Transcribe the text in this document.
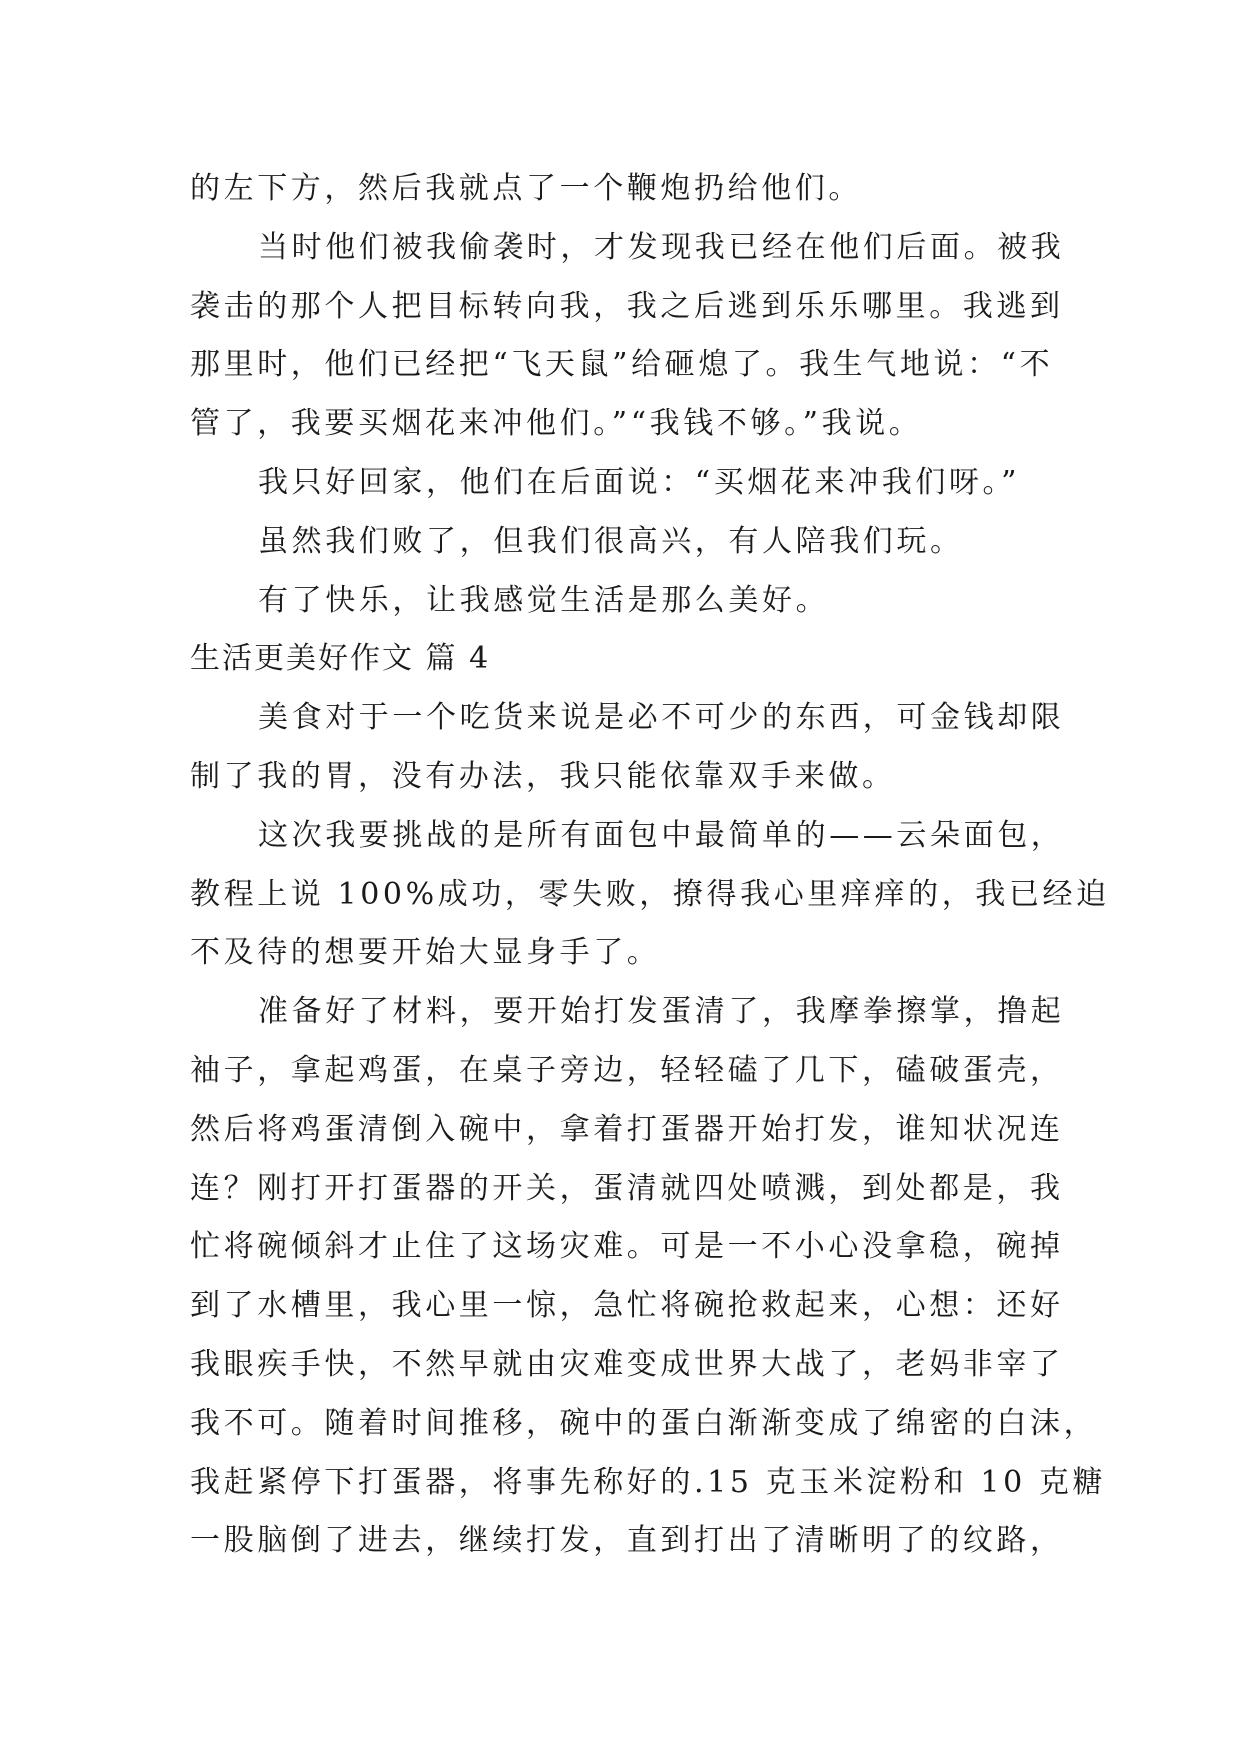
的左下方，然后我就点了一个鞭炮扔给他们。

当时他们被我偷袭时，才发现我已经在他们后面。被我

袭击的那个人把目标转向我，我之后逃到乐乐哪里。我逃到

那里时，他们已经把“飞天鼠”给砸熄了。我生气地说：“不

管了，我要买烟花来冲他们。”“我钱不够。”我说。

我只好回家，他们在后面说：“买烟花来冲我们呀。”

虽然我们败了，但我们很高兴，有人陪我们玩。

有了快乐，让我感觉生活是那么美好。

生活更美好作文 篇 4

美食对于一个吃货来说是必不可少的东西，可金钱却限

制了我的胃，没有办法，我只能依靠双手来做。

这次我要挑战的是所有面包中最简单的——云朵面包，

教程上说 100%成功，零失败，撩得我心里痒痒的，我已经迫

不及待的想要开始大显身手了。

准备好了材料，要开始打发蛋清了，我摩拳擦掌，撸起

袖子，拿起鸡蛋，在桌子旁边，轻轻磕了几下，磕破蛋壳，

然后将鸡蛋清倒入碗中，拿着打蛋器开始打发，谁知状况连

连？刚打开打蛋器的开关，蛋清就四处喷溅，到处都是，我

忙将碗倾斜才止住了这场灾难。可是一不小心没拿稳，碗掉

到了水槽里，我心里一惊，急忙将碗抢救起来，心想：还好

我眼疾手快，不然早就由灾难变成世界大战了，老妈非宰了

我不可。随着时间推移，碗中的蛋白渐渐变成了绵密的白沫，

我赶紧停下打蛋器，将事先称好的.15 克玉米淀粉和 10 克糖

一股脑倒了进去，继续打发，直到打出了清晰明了的纹路，
